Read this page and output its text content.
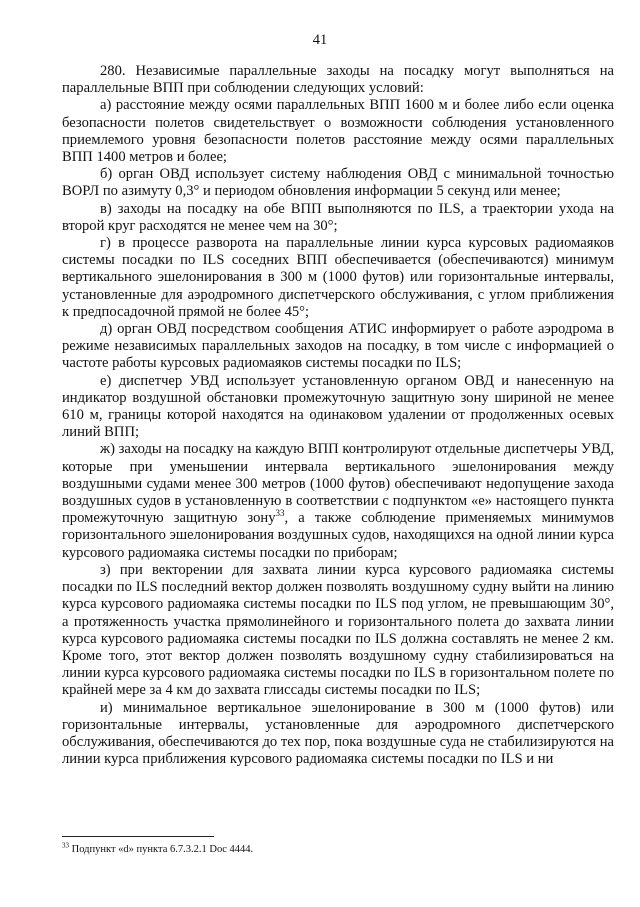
41

280. Независимые параллельные заходы на посадку могут выполняться на параллельные ВПП при соблюдении следующих условий:

а) расстояние между осями параллельных ВПП 1600 м и более либо если оценка безопасности полетов свидетельствует о возможности соблюдения установленного приемлемого уровня безопасности полетов расстояние между осями параллельных ВПП 1400 метров и более;

б) орган ОВД использует систему наблюдения ОВД с минимальной точностью ВОРЛ по азимуту 0,3° и периодом обновления информации 5 секунд или менее;

в) заходы на посадку на обе ВПП выполняются по ILS, а траектории ухода на второй круг расходятся не менее чем на 30°;

г) в процессе разворота на параллельные линии курса курсовых радиомаяков системы посадки по ILS соседних ВПП обеспечивается (обеспечиваются) минимум вертикального эшелонирования в 300 м (1000 футов) или горизонтальные интервалы, установленные для аэродромного диспетчерского обслуживания, с углом приближения к предпосадочной прямой не более 45°;

д) орган ОВД посредством сообщения АТИС информирует о работе аэродрома в режиме независимых параллельных заходов на посадку, в том числе с информацией о частоте работы курсовых радиомаяков системы посадки по ILS;

е) диспетчер УВД использует установленную органом ОВД и нанесенную на индикатор воздушной обстановки промежуточную защитную зону шириной не менее 610 м, границы которой находятся на одинаковом удалении от продолженных осевых линий ВПП;

ж) заходы на посадку на каждую ВПП контролируют отдельные диспетчеры УВД, которые при уменьшении интервала вертикального эшелонирования между воздушными судами менее 300 метров (1000 футов) обеспечивают недопущение захода воздушных судов в установленную в соответствии с подпунктом «е» настоящего пункта промежуточную защитную зону$^{33}$, а также соблюдение применяемых минимумов горизонтального эшелонирования воздушных судов, находящихся на одной линии курса курсового радиомаяка системы посадки по приборам;

з) при векторении для захвата линии курса курсового радиомаяка системы посадки по ILS последний вектор должен позволять воздушному судну выйти на линию курса курсового радиомаяка системы посадки по ILS под углом, не превышающим 30°, а протяженность участка прямолинейного и горизонтального полета до захвата линии курса курсового радиомаяка системы посадки по ILS должна составлять не менее 2 км. Кроме того, этот вектор должен позволять воздушному судну стабилизироваться на линии курса курсового радиомаяка системы посадки по ILS в горизонтальном полете по крайней мере за 4 км до захвата глиссады системы посадки по ILS;

и) минимальное вертикальное эшелонирование в 300 м (1000 футов) или горизонтальные интервалы, установленные для аэродромного диспетчерского обслуживания, обеспечиваются до тех пор, пока воздушные суда не стабилизируются на линии курса приближения курсового радиомаяка системы посадки по ILS и ни

$^{33}$ Подпункт «d» пункта 6.7.3.2.1 Doc 4444.
